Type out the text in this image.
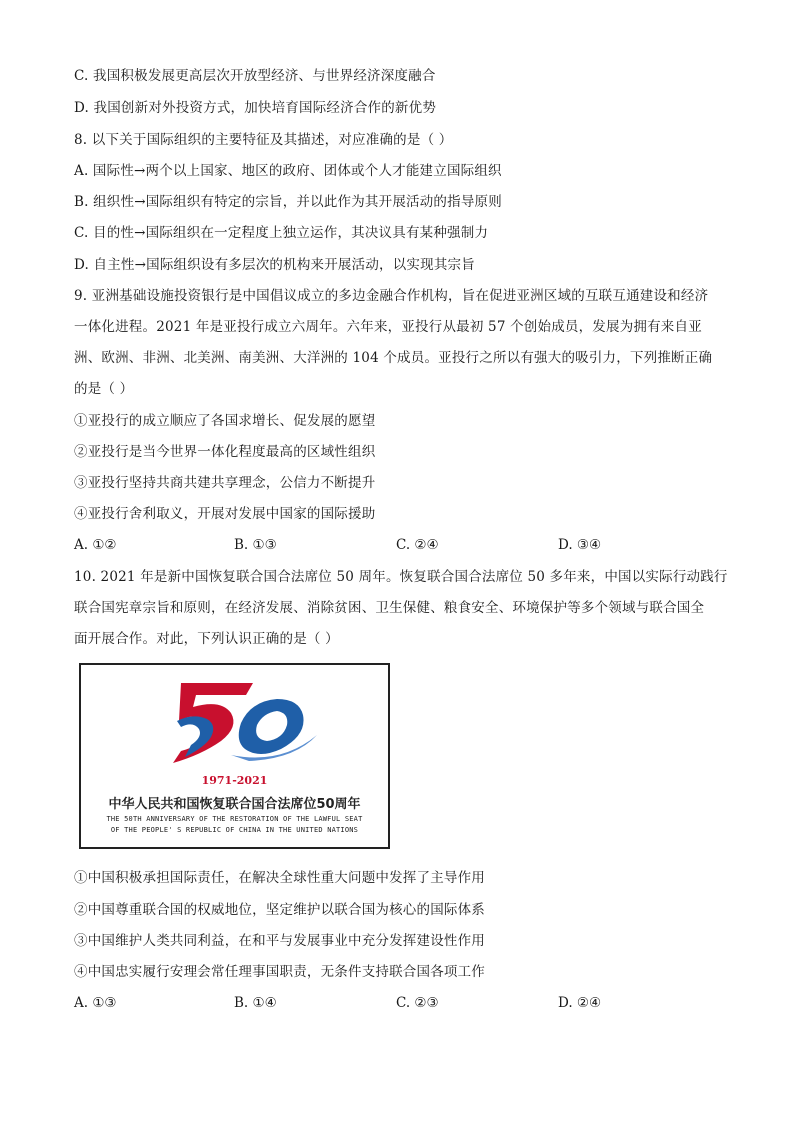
C. 我国积极发展更高层次开放型经济、与世界经济深度融合
D. 我国创新对外投资方式，加快培育国际经济合作的新优势
8. 以下关于国际组织的主要特征及其描述，对应准确的是（ ）
A. 国际性→两个以上国家、地区的政府、团体或个人才能建立国际组织
B. 组织性→国际组织有特定的宗旨，并以此作为其开展活动的指导原则
C. 目的性→国际组织在一定程度上独立运作，其决议具有某种强制力
D. 自主性→国际组织设有多层次的机构来开展活动，以实现其宗旨
9. 亚洲基础设施投资银行是中国倡议成立的多边金融合作机构，旨在促进亚洲区域的互联互通建设和经济
一体化进程。2021 年是亚投行成立六周年。六年来，亚投行从最初 57 个创始成员，发展为拥有来自亚
洲、欧洲、非洲、北美洲、南美洲、大洋洲的 104 个成员。亚投行之所以有强大的吸引力，下列推断正确
的是（ ）
①亚投行的成立顺应了各国求增长、促发展的愿望
②亚投行是当今世界一体化程度最高的区域性组织
③亚投行坚持共商共建共享理念，公信力不断提升
④亚投行舍利取义，开展对发展中国家的国际援助
A. ①②	B. ①③	C. ②④	D. ③④
10. 2021 年是新中国恢复联合国合法席位 50 周年。恢复联合国合法席位 50 多年来，中国以实际行动践行
联合国宪章宗旨和原则，在经济发展、消除贫困、卫生保健、粮食安全、环境保护等多个领域与联合国全
面开展合作。对此，下列认识正确的是（ ）
1971-2021
中华人民共和国恢复联合国合法席位50周年
THE 50TH ANNIVERSARY OF THE RESTORATION OF THE LAWFUL SEAT
OF THE PEOPLE' S REPUBLIC OF CHINA IN THE UNITED NATIONS
①中国积极承担国际责任，在解决全球性重大问题中发挥了主导作用
②中国尊重联合国的权威地位，坚定维护以联合国为核心的国际体系
③中国维护人类共同利益，在和平与发展事业中充分发挥建设性作用
④中国忠实履行安理会常任理事国职责，无条件支持联合国各项工作
A. ①③	B. ①④	C. ②③	D. ②④
